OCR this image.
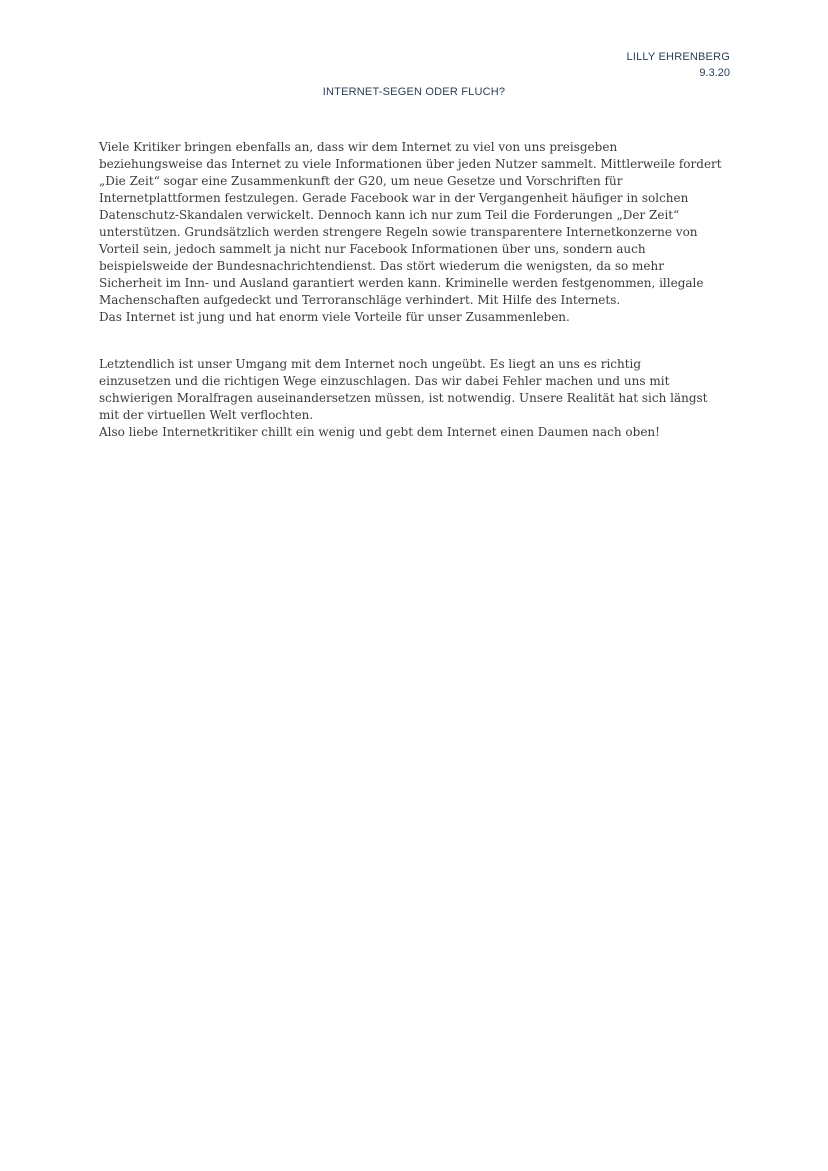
LILLY EHRENBERG
9.3.20
INTERNET-SEGEN ODER FLUCH?
Viele Kritiker bringen ebenfalls an, dass wir dem Internet zu viel von uns preisgeben
beziehungsweise das Internet zu viele Informationen über jeden Nutzer sammelt. Mittlerweile fordert
„Die Zeit“ sogar eine Zusammenkunft der G20, um neue Gesetze und Vorschriften für
Internetplattformen festzulegen. Gerade Facebook war in der Vergangenheit häufiger in solchen
Datenschutz-Skandalen verwickelt. Dennoch kann ich nur zum Teil die Forderungen „Der Zeit“
unterstützen. Grundsätzlich werden strengere Regeln sowie transparentere Internetkonzerne von
Vorteil sein, jedoch sammelt ja nicht nur Facebook Informationen über uns, sondern auch
beispielsweide der Bundesnachrichtendienst. Das stört wiederum die wenigsten, da so mehr
Sicherheit im Inn- und Ausland garantiert werden kann. Kriminelle werden festgenommen, illegale
Machenschaften aufgedeckt und Terroranschläge verhindert. Mit Hilfe des Internets.
Das Internet ist jung und hat enorm viele Vorteile für unser Zusammenleben.
Letztendlich ist unser Umgang mit dem Internet noch ungeübt. Es liegt an uns es richtig
einzusetzen und die richtigen Wege einzuschlagen. Das wir dabei Fehler machen und uns mit
schwierigen Moralfragen auseinandersetzen müssen, ist notwendig. Unsere Realität hat sich längst
mit der virtuellen Welt verflochten.
Also liebe Internetkritiker chillt ein wenig und gebt dem Internet einen Daumen nach oben!
